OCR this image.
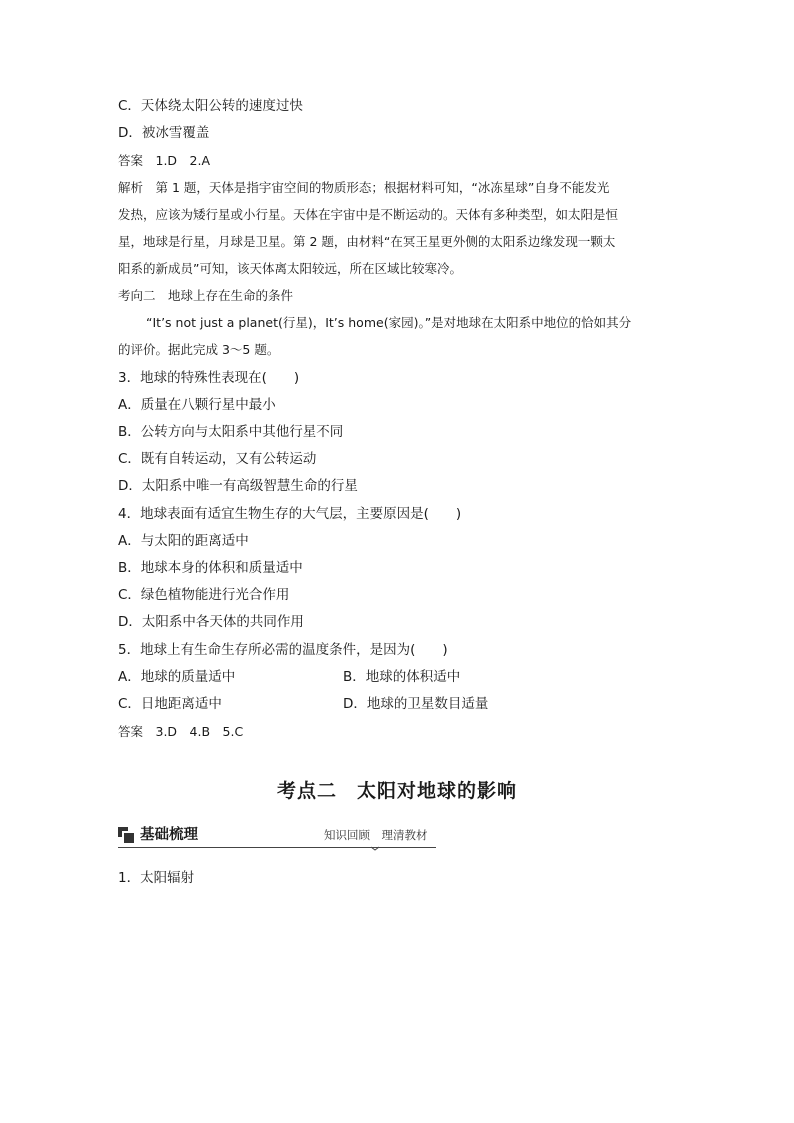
C．天体绕太阳公转的速度过快
D．被冰雪覆盖
答案　1.D　2.A
解析　第 1 题，天体是指宇宙空间的物质形态；根据材料可知，“冰冻星球”自身不能发光
发热，应该为矮行星或小行星。天体在宇宙中是不断运动的。天体有多种类型，如太阳是恒
星，地球是行星，月球是卫星。第 2 题，由材料“在冥王星更外侧的太阳系边缘发现一颗太
阳系的新成员”可知，该天体离太阳较远，所在区域比较寒冷。
考向二　地球上存在生命的条件
“It’s not just a planet(行星)，It’s home(家园)。”是对地球在太阳系中地位的恰如其分
的评价。据此完成 3～5 题。
3．地球的特殊性表现在(　　)
A．质量在八颗行星中最小
B．公转方向与太阳系中其他行星不同
C．既有自转运动，又有公转运动
D．太阳系中唯一有高级智慧生命的行星
4．地球表面有适宜生物生存的大气层，主要原因是(　　)
A．与太阳的距离适中
B．地球本身的体积和质量适中
C．绿色植物能进行光合作用
D．太阳系中各天体的共同作用
5．地球上有生命生存所必需的温度条件，是因为(　　)
A．地球的质量适中	B．地球的体积适中
C．日地距离适中	D．地球的卫星数目适量
答案　3.D　4.B　5.C
考点二　太阳对地球的影响
基础梳理	知识回顾　理清教材
1．太阳辐射
